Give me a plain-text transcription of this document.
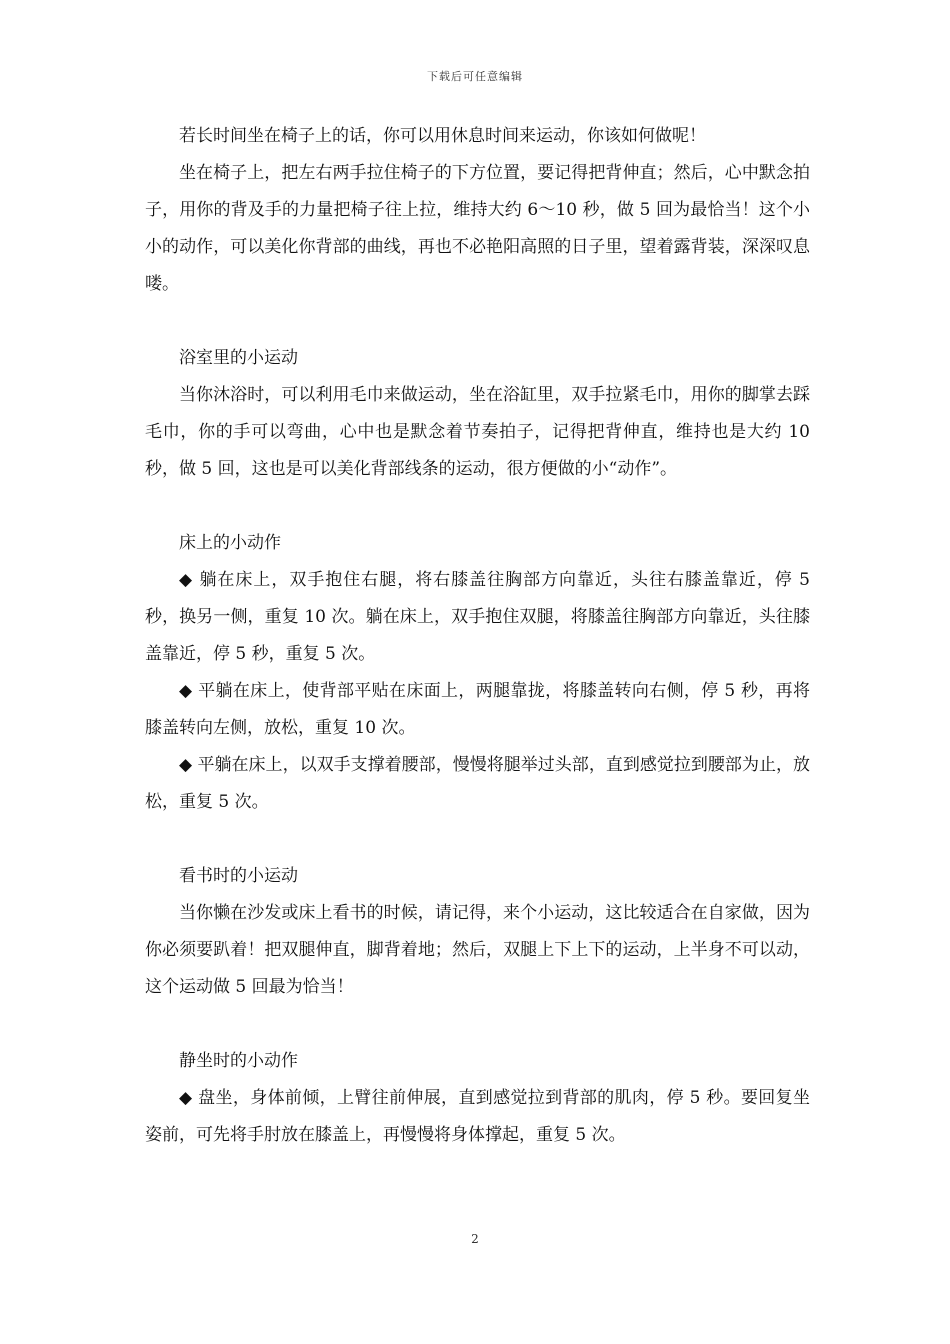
下载后可任意编辑

若长时间坐在椅子上的话，你可以用休息时间来运动，你该如何做呢！

坐在椅子上，把左右两手拉住椅子的下方位置，要记得把背伸直；然后，心中默念拍子，用你的背及手的力量把椅子往上拉，维持大约 6～10 秒，做 5 回为最恰当！这个小小的动作，可以美化你背部的曲线，再也不必艳阳高照的日子里，望着露背装，深深叹息喽。

浴室里的小运动

当你沐浴时，可以利用毛巾来做运动，坐在浴缸里，双手拉紧毛巾，用你的脚掌去踩毛巾，你的手可以弯曲，心中也是默念着节奏拍子，记得把背伸直，维持也是大约 10 秒，做 5 回，这也是可以美化背部线条的运动，很方便做的小“动作”。

床上的小动作

◆ 躺在床上，双手抱住右腿，将右膝盖往胸部方向靠近，头往右膝盖靠近，停 5 秒，换另一侧，重复 10 次。躺在床上，双手抱住双腿，将膝盖往胸部方向靠近，头往膝盖靠近，停 5 秒，重复 5 次。

◆ 平躺在床上，使背部平贴在床面上，两腿靠拢，将膝盖转向右侧，停 5 秒，再将膝盖转向左侧，放松，重复 10 次。

◆ 平躺在床上，以双手支撑着腰部，慢慢将腿举过头部，直到感觉拉到腰部为止，放松，重复 5 次。

看书时的小运动

当你懒在沙发或床上看书的时候，请记得，来个小运动，这比较适合在自家做，因为你必须要趴着！把双腿伸直，脚背着地；然后，双腿上下上下的运动，上半身不可以动，这个运动做 5 回最为恰当！

静坐时的小动作

◆ 盘坐，身体前倾，上臂往前伸展，直到感觉拉到背部的肌肉，停 5 秒。要回复坐姿前，可先将手肘放在膝盖上，再慢慢将身体撑起，重复 5 次。

2
